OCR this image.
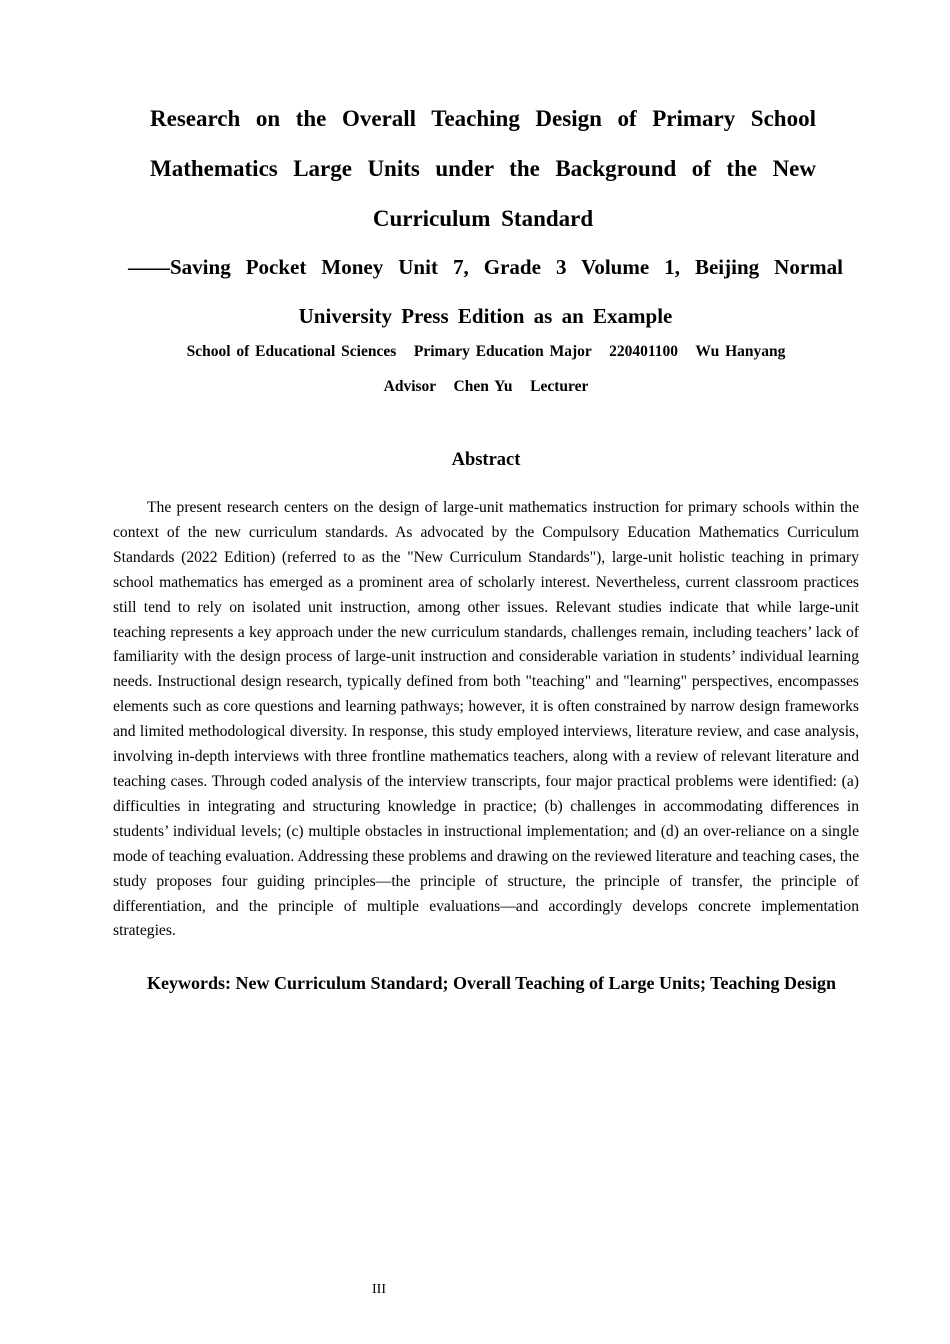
Research on the Overall Teaching Design of Primary School Mathematics Large Units under the Background of the New Curriculum Standard

——Saving Pocket Money Unit 7, Grade 3 Volume 1, Beijing Normal University Press Edition as an Example

School of Educational Sciences   Primary Education Major   220401100   Wu Hanyang

Advisor   Chen Yu   Lecturer

Abstract

The present research centers on the design of large-unit mathematics instruction for primary schools within the context of the new curriculum standards. As advocated by the Compulsory Education Mathematics Curriculum Standards (2022 Edition) (referred to as the "New Curriculum Standards"), large-unit holistic teaching in primary school mathematics has emerged as a prominent area of scholarly interest. Nevertheless, current classroom practices still tend to rely on isolated unit instruction, among other issues. Relevant studies indicate that while large-unit teaching represents a key approach under the new curriculum standards, challenges remain, including teachers’ lack of familiarity with the design process of large-unit instruction and considerable variation in students’ individual learning needs. Instructional design research, typically defined from both "teaching" and "learning" perspectives, encompasses elements such as core questions and learning pathways; however, it is often constrained by narrow design frameworks and limited methodological diversity. In response, this study employed interviews, literature review, and case analysis, involving in-depth interviews with three frontline mathematics teachers, along with a review of relevant literature and teaching cases. Through coded analysis of the interview transcripts, four major practical problems were identified: (a) difficulties in integrating and structuring knowledge in practice; (b) challenges in accommodating differences in students’ individual levels; (c) multiple obstacles in instructional implementation; and (d) an over-reliance on a single mode of teaching evaluation. Addressing these problems and drawing on the reviewed literature and teaching cases, the study proposes four guiding principles—the principle of structure, the principle of transfer, the principle of differentiation, and the principle of multiple evaluations—and accordingly develops concrete implementation strategies.

Keywords: New Curriculum Standard; Overall Teaching of Large Units; Teaching Design

III
